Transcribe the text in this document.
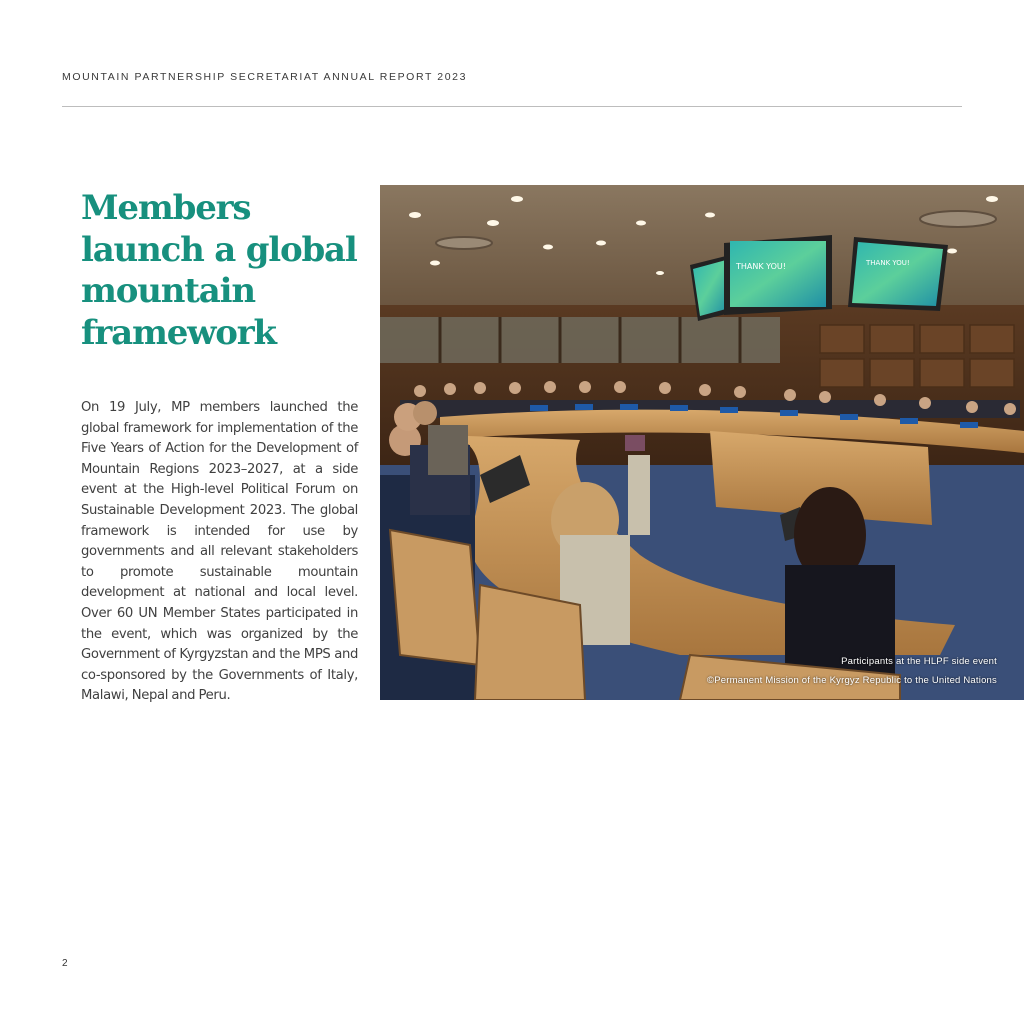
MOUNTAIN PARTNERSHIP SECRETARIAT ANNUAL REPORT 2023
Members launch a global mountain framework

On 19 July, MP members launched the global framework for implementation of the Five Years of Action for the Development of Mountain Regions 2023–2027, at a side event at the High-level Political Forum on Sustainable Development 2023. The global framework is intended for use by governments and all relevant stakeholders to promote sustainable mountain development at national and local level. Over 60 UN Member States participated in the event, which was organized by the Government of Kyrgyzstan and the MPS and co-sponsored by the Governments of Italy, Malawi, Nepal and Peru.

THANK YOU!	THANK YOU!
Participants at the HLPF side event
©Permanent Mission of the Kyrgyz Republic to the United Nations
2
